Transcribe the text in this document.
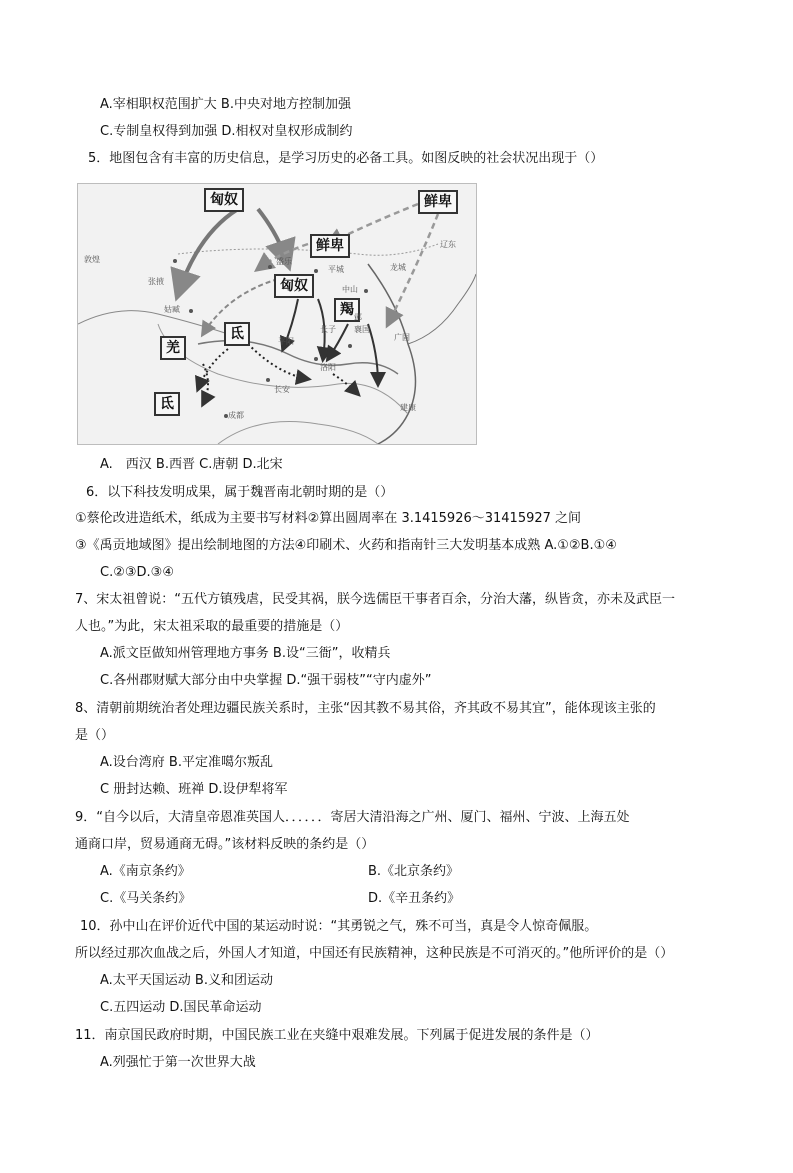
A.宰相职权范围扩大 B.中央对地方控制加强
C.专制皇权得到加强 D.相权对皇权形成制约
5．地图包含有丰富的历史信息，是学习历史的必备工具。如图反映的社会状况出现于（）
匈奴	鲜卑
鲜卑
匈奴
羯
氐
羌
氐
敦煌
张掖
姑臧
盛乐
平城
中山
龙城
辽东
长子
邺
襄国
平阳
洛阳
长安
成都
建康
广固
A.　西汉 B.西晋 C.唐朝 D.北宋
6．以下科技发明成果，属于魏晋南北朝时期的是（）
①蔡伦改进造纸术，纸成为主要书写材料②算出圆周率在 3.1415926～31415927 之间
③《禹贡地域图》提出绘制地图的方法④印刷术、火药和指南针三大发明基本成熟 A.①②B.①④
C.②③D.③④
7、宋太祖曾说：“五代方镇残虐，民受其祸，朕今选儒臣干事者百余，分治大藩，纵皆贪，亦未及武臣一
人也。”为此，宋太祖采取的最重要的措施是（）
A.派文臣做知州管理地方事务 B.设“三衙”，收精兵
C.各州郡财赋大部分由中央掌握 D.“强干弱枝”“守内虚外”
8、清朝前期统治者处理边疆民族关系时，主张“因其教不易其俗，齐其政不易其宜”，能体现该主张的
是（）
A.设台湾府 B.平定准噶尔叛乱
C 册封达赖、班禅 D.设伊犁将军
9．“自今以后，大清皇帝恩准英国人．．．．．．寄居大清沿海之广州、厦门、福州、宁波、上海五处
通商口岸，贸易通商无碍。”该材料反映的条约是（）
A.《南京条约》	B.《北京条约》
C.《马关条约》	D.《辛丑条约》
10．孙中山在评价近代中国的某运动时说：“其勇锐之气，殊不可当，真是令人惊奇佩服。
所以经过那次血战之后，外国人才知道，中国还有民族精神，这种民族是不可消灭的。”他所评价的是（）
A.太平天国运动 B.义和团运动
C.五四运动 D.国民革命运动
11．南京国民政府时期，中国民族工业在夹缝中艰难发展。下列属于促进发展的条件是（）
A.列强忙于第一次世界大战
